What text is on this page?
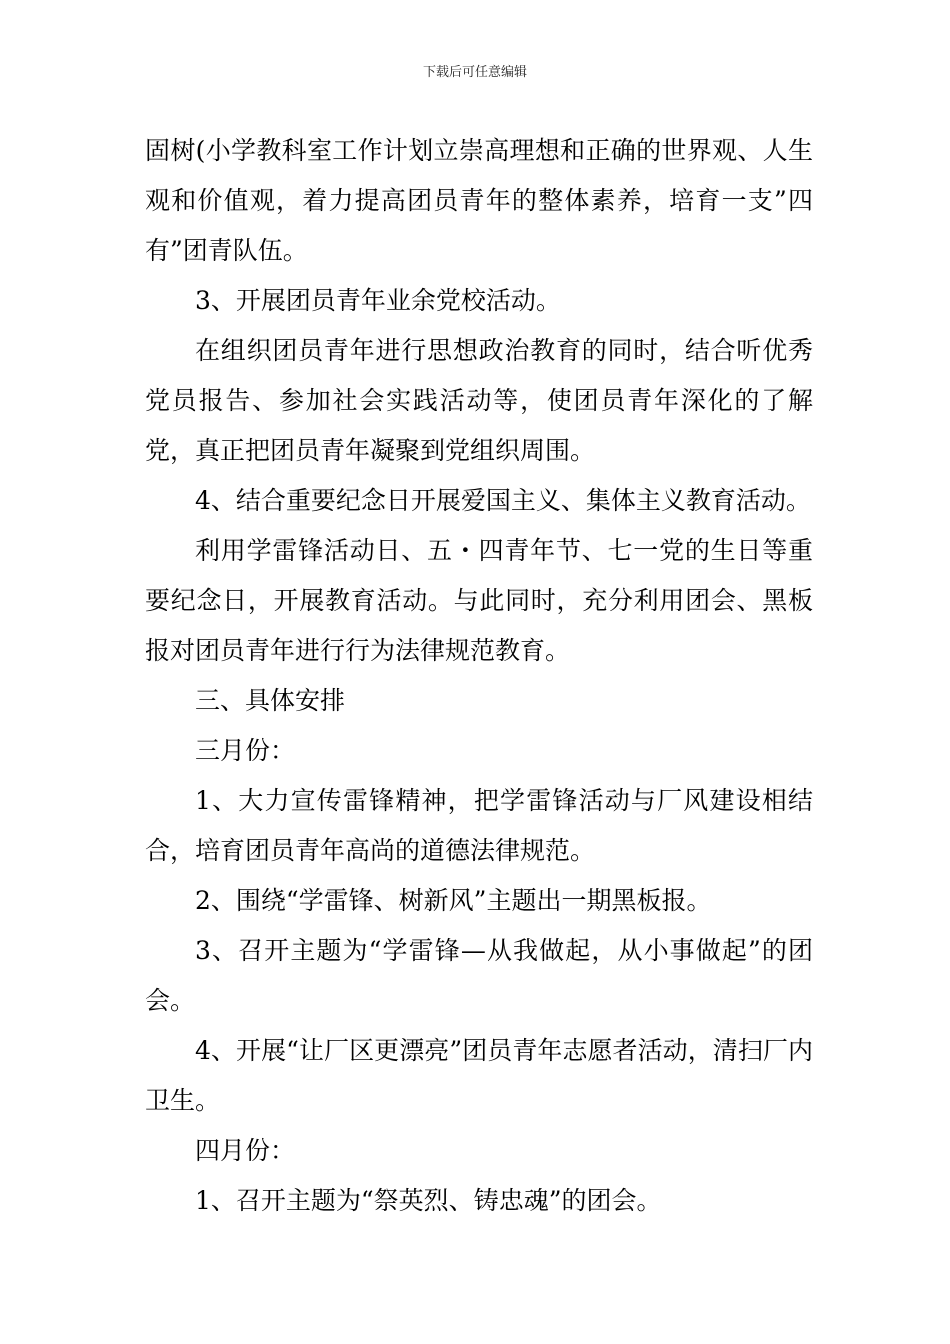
下载后可任意编辑

固树(小学教科室工作计划立崇高理想和正确的世界观、人生观和价值观，着力提高团员青年的整体素养，培育一支”四有”团青队伍。

3、开展团员青年业余党校活动。

在组织团员青年进行思想政治教育的同时，结合听优秀党员报告、参加社会实践活动等，使团员青年深化的了解党，真正把团员青年凝聚到党组织周围。

4、结合重要纪念日开展爱国主义、集体主义教育活动。

利用学雷锋活动日、五・四青年节、七一党的生日等重要纪念日，开展教育活动。与此同时，充分利用团会、黑板报对团员青年进行行为法律规范教育。

三、具体安排

三月份：

1、大力宣传雷锋精神，把学雷锋活动与厂风建设相结合，培育团员青年高尚的道德法律规范。

2、围绕“学雷锋、树新风”主题出一期黑板报。

3、召开主题为“学雷锋—从我做起，从小事做起”的团会。

4、开展“让厂区更漂亮”团员青年志愿者活动，清扫厂内卫生。

四月份：

1、召开主题为“祭英烈、铸忠魂”的团会。
